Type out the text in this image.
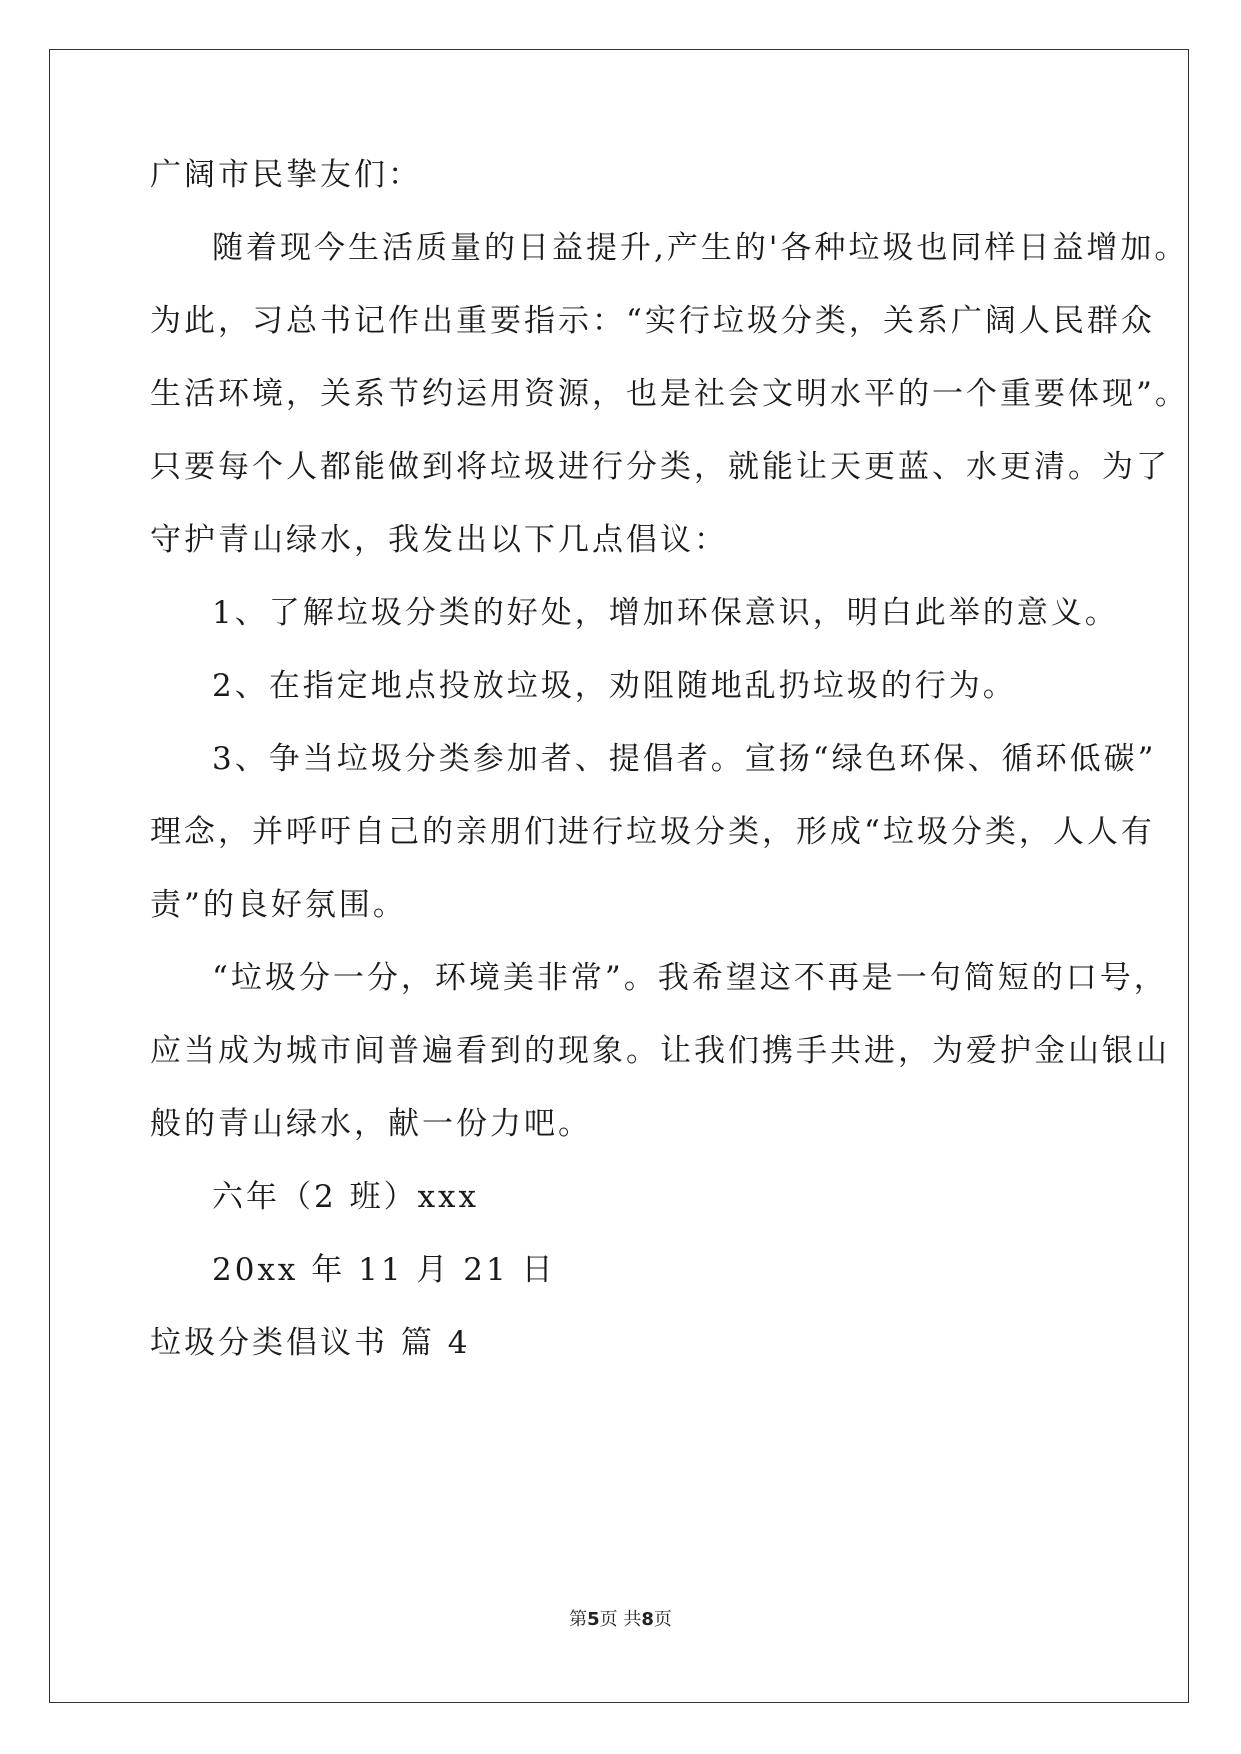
广阔市民挚友们：
随着现今生活质量的日益提升,产生的'各种垃圾也同样日益增加。
为此，习总书记作出重要指示：“实行垃圾分类，关系广阔人民群众
生活环境，关系节约运用资源，也是社会文明水平的一个重要体现”。
只要每个人都能做到将垃圾进行分类，就能让天更蓝、水更清。为了
守护青山绿水，我发出以下几点倡议：
1、了解垃圾分类的好处，增加环保意识，明白此举的意义。
2、在指定地点投放垃圾，劝阻随地乱扔垃圾的行为。
3、争当垃圾分类参加者、提倡者。宣扬“绿色环保、循环低碳”
理念，并呼吁自己的亲朋们进行垃圾分类，形成“垃圾分类，人人有
责”的良好氛围。
“垃圾分一分，环境美非常”。我希望这不再是一句简短的口号，
应当成为城市间普遍看到的现象。让我们携手共进，为爱护金山银山
般的青山绿水，献一份力吧。
六年（2 班）xxx
20xx 年 11 月 21 日
垃圾分类倡议书 篇 4
第5页 共8页
